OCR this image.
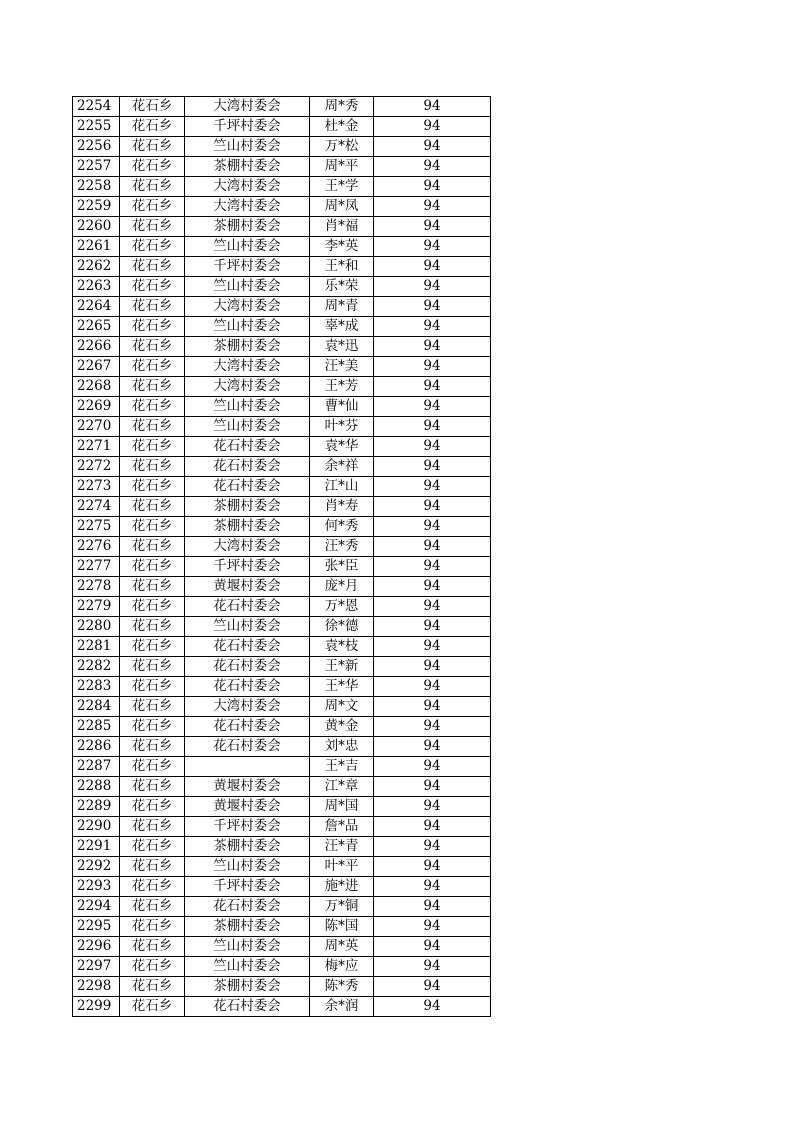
2254	花石乡	大湾村委会	周*秀	94
2255	花石乡	千坪村委会	杜*金	94
2256	花石乡	竺山村委会	万*松	94
2257	花石乡	茶棚村委会	周*平	94
2258	花石乡	大湾村委会	王*学	94
2259	花石乡	大湾村委会	周*凤	94
2260	花石乡	茶棚村委会	肖*福	94
2261	花石乡	竺山村委会	李*英	94
2262	花石乡	千坪村委会	王*和	94
2263	花石乡	竺山村委会	乐*荣	94
2264	花石乡	大湾村委会	周*青	94
2265	花石乡	竺山村委会	辜*成	94
2266	花石乡	茶棚村委会	袁*迅	94
2267	花石乡	大湾村委会	汪*美	94
2268	花石乡	大湾村委会	王*芳	94
2269	花石乡	竺山村委会	曹*仙	94
2270	花石乡	竺山村委会	叶*芬	94
2271	花石乡	花石村委会	袁*华	94
2272	花石乡	花石村委会	余*祥	94
2273	花石乡	花石村委会	江*山	94
2274	花石乡	茶棚村委会	肖*寿	94
2275	花石乡	茶棚村委会	何*秀	94
2276	花石乡	大湾村委会	汪*秀	94
2277	花石乡	千坪村委会	张*臣	94
2278	花石乡	黄堰村委会	庞*月	94
2279	花石乡	花石村委会	万*恩	94
2280	花石乡	竺山村委会	徐*德	94
2281	花石乡	花石村委会	袁*枝	94
2282	花石乡	花石村委会	王*新	94
2283	花石乡	花石村委会	王*华	94
2284	花石乡	大湾村委会	周*文	94
2285	花石乡	花石村委会	黄*金	94
2286	花石乡	花石村委会	刘*忠	94
2287	花石乡		王*吉	94
2288	花石乡	黄堰村委会	江*章	94
2289	花石乡	黄堰村委会	周*国	94
2290	花石乡	千坪村委会	詹*品	94
2291	花石乡	茶棚村委会	汪*青	94
2292	花石乡	竺山村委会	叶*平	94
2293	花石乡	千坪村委会	施*进	94
2294	花石乡	花石村委会	万*铜	94
2295	花石乡	茶棚村委会	陈*国	94
2296	花石乡	竺山村委会	周*英	94
2297	花石乡	竺山村委会	梅*应	94
2298	花石乡	茶棚村委会	陈*秀	94
2299	花石乡	花石村委会	余*润	94
